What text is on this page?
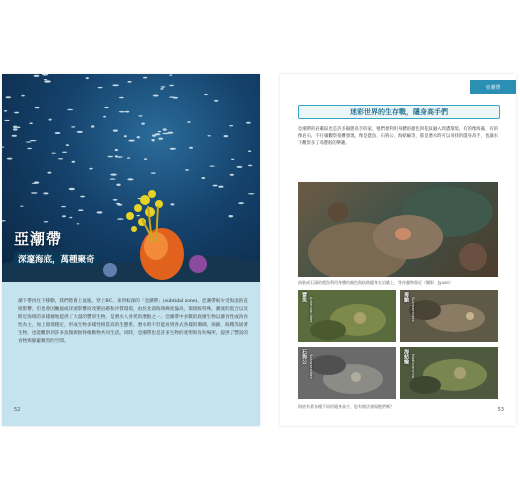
亞潮帶

深邃海底，萬種聚奇

潮下帶再往下移動，我們將會上氣瓶，穿上BC、來到較深的「亞潮帶」(subtidal zone)。亞潮帶較少受海浪的直接影響，但也會因颱風或洋流影響而改變岩礁和沙質環境，由於北部海域緯度偏高，環境較特殊，潮流的混合以及附近海域的多樣棲地提供了大量的豐厚生物，是潛水人喜愛的潛點之一。亞潮帶中多數的底棲生物以濾食性或肉食性為主，加上環境穩定，形成生物多樣性相當高的生態系，潛水時不但能看到各式各樣的珊瑚、海綿、海鞘等固著生物，也能觀察到許多魚類與無脊椎動物共同生活。同時，亞潮帶也是許多生物的產卵與育幼場所，提供了豐富的食物與躲避敵害的空間。

52
亞潮帶
迷彩世界的生存戰，隱身高手們

亞潮帶的岩礁區也是許多擬態高手的家，牠們會利用身體的顏色與花紋融入周遭環境，有的像海藻、有的像岩石，不仔細觀察很難發現。像是躄魚、石狗公、海蛞蝓等，都是潛水時可以尋找的隱身高手，也讓水下觀察多了尋寶般的樂趣。

偽裝成石頭的躄魚利用身體的顏色與紋路隱身在岩礁上，等待獵物靠近（攝影：Jyuan）

躄魚 Antennariidae	毒鮋 Scorpaenidae
石狗公 Scorpaenidae	海蛞蝓 Nudibranchia

海底有著各種不同的隱身高手，您有辦法發現牠們嗎？

53
